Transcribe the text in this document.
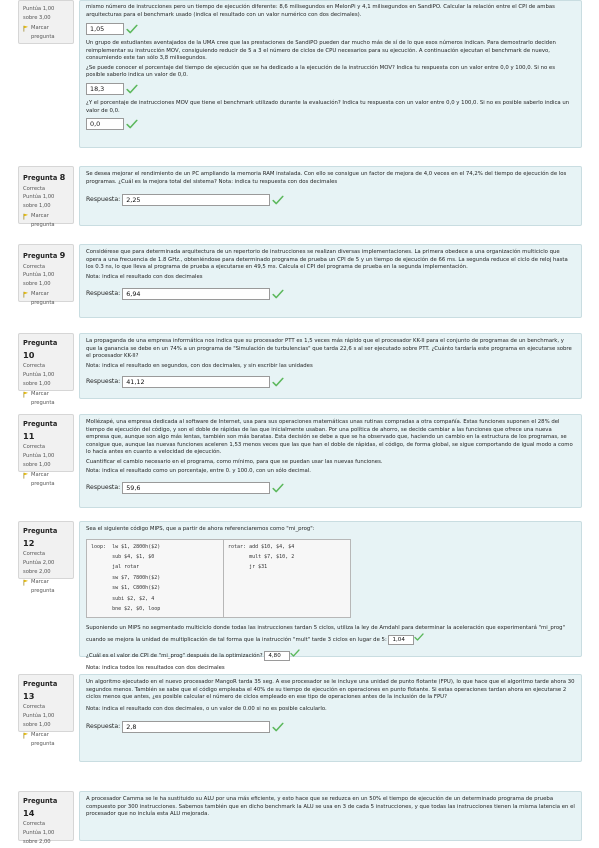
Puntúa 1,00 sobre 3,00
Marcar pregunta

mismo número de instrucciones pero un tiempo de ejecución diferente: 8,6 milisegundos en MelonPi y 4,1 milisegundos en SandiPO. Calcular la relación entre el CPI de ambas arquitecturas para el benchmark usado (indica el resultado con un valor numérico con dos decimales).

1,05

Un grupo de estudiantes aventajados de la UMA cree que las prestaciones de SandiPO pueden dar mucho más de sí de lo que esos números indican. Para demostrarlo deciden reimplementar su instrucción MOV, consiguiendo reducir de 5 a 3 el número de ciclos de CPU necesarios para su ejecución. A continuación ejecutan el benchmark de nuevo, consumiendo este tan sólo 3,8 milisegundos.

¿Se puede conocer el porcentaje del tiempo de ejecución que se ha dedicado a la ejecución de la instrucción MOV? Indica tu respuesta con un valor entre 0,0 y 100,0. Si no es posible saberlo indica un valor de 0,0.

18,3

¿Y el porcentaje de instrucciones MOV que tiene el benchmark utilizado durante la evaluación? Indica tu respuesta con un valor entre 0,0 y 100,0. Si no es posible saberlo indica un valor de 0,0.

0,0
Pregunta 8
Correcta
Puntúa 1,00 sobre 1,00
Marcar pregunta

Se desea mejorar el rendimiento de un PC ampliando la memoria RAM instalada. Con ello se consigue un factor de mejora de 4,0 veces en el 74,2% del tiempo de ejecución de los programas. ¿Cuál es la mejora total del sistema? Nota: indica tu respuesta con dos decimales

Respuesta: 2,25
Pregunta 9
Correcta
Puntúa 1,00 sobre 1,00
Marcar pregunta

Considérese que para determinada arquitectura de un repertorio de instrucciones se realizan diversas implementaciones. La primera obedece a una organización multiciclo que opera a una frecuencia de 1.8 GHz., obteniéndose para determinado programa de prueba un CPI de 5 y un tiempo de ejecución de 66 ms. La segunda reduce el ciclo de reloj hasta los 0.3 ns, lo que lleva al programa de prueba a ejecutarse en 49,5 ms. Calcula el CPI del programa de prueba en la segunda implementación.

Nota: indica el resultado con dos decimales

Respuesta: 6,94
Pregunta 10
Correcta
Puntúa 1,00 sobre 1,00
Marcar pregunta

La propaganda de una empresa informática nos indica que su procesador PTT es 1,5 veces más rápido que el procesador KK-II para el conjunto de programas de un benchmark, y que la ganancia se debe en un 74% a un programa de "Simulación de turbulencias" que tarda 22,6 s al ser ejecutado sobre PTT. ¿Cuánto tardaría este programa en ejecutarse sobre el procesador KK-II?

Nota: indica el resultado en segundos, con dos decimales, y sin escribir las unidades

Respuesta: 41,12
Pregunta 11
Correcta
Puntúa 1,00 sobre 1,00
Marcar pregunta

Mollézapé, una empresa dedicada al software de Internet, usa para sus operaciones matemáticas unas rutinas compradas a otra compañía. Estas funciones suponen el 28% del tiempo de ejecución del código, y son el doble de rápidas de las que inicialmente usaban. Por una política de ahorro, se decide cambiar a las funciones que ofrece una nueva empresa que, aunque son algo más lentas, también son más baratas. Esta decisión se debe a que se ha observado que, haciendo un cambio en la estructura de los programas, se consigue que, aunque las nuevas funciones aceleren 1,53 menos veces que las que han el doble de rápidas, el código, de forma global, se sigue comportando de igual modo a como lo hacía antes en cuanto a velocidad de ejecución.

Cuantificar el cambio necesario en el programa, como mínimo, para que se puedan usar las nuevas funciones.

Nota: indica el resultado como un porcentaje, entre 0. y 100.0, con un sólo decimal.

Respuesta: 59,6
Pregunta 12
Correcta
Puntúa 2,00 sobre 2,00
Marcar pregunta

Sea el siguiente código MIPS, que a partir de ahora referenciaremos como "mi_prog":

loop:  lw $1, 2800h($2)
sub $4, $1, $0
jal rotar
sw $7, 7800h($2)
sw $1, C800h($2)
subi $2, $2, 4
bne $2, $0, loop
rotar: add $10, $4, $4
mult $7, $10, 2
jr $31

Suponiendo un MIPS no segmentado multiciclo donde todas las instrucciones tardan 5 ciclos, utiliza la ley de Amdahl para determinar la aceleración que experimentará "mi_prog" cuando se mejora la unidad de multiplicación de tal forma que la instrucción "mult" tarde 3 ciclos en lugar de 5: 1,04

¿Cuál es el valor de CPI de "mi_prog" después de la optimización? 4,80

Nota: indica todos los resultados con dos decimales

Pregunta 13
Correcta
Puntúa 1,00 sobre 1,00
Marcar pregunta

Un algoritmo ejecutado en el nuevo procesador MangoR tarda 35 seg. A ese procesador se le incluye una unidad de punto flotante (FPU), lo que hace que el algoritmo tarde ahora 30 segundos menos. También se sabe que el código empleaba el 40% de su tiempo de ejecución en operaciones en punto flotante. Si estas operaciones tardan ahora en ejecutarse 2 ciclos menos que antes, ¿es posible calcular el número de ciclos empleado en ese tipo de operaciones antes de la inclusión de la FPU?

Nota: indica el resultado con dos decimales, o un valor de 0.00 si no es posible calcularlo.

Respuesta: 2,8
Pregunta 14
Correcta
Puntúa 1,00 sobre 2,00

A procesador Camma se le ha sustituido su ALU por una más eficiente, y esto hace que se reduzca en un 50% el tiempo de ejecución de un determinado programa de prueba compuesto por 300 instrucciones. Sabemos también que en dicho benchmark la ALU se usa en 3 de cada 5 instrucciones, y que todas las instrucciones tienen la misma latencia en el procesador que no incluía esta ALU mejorada.
